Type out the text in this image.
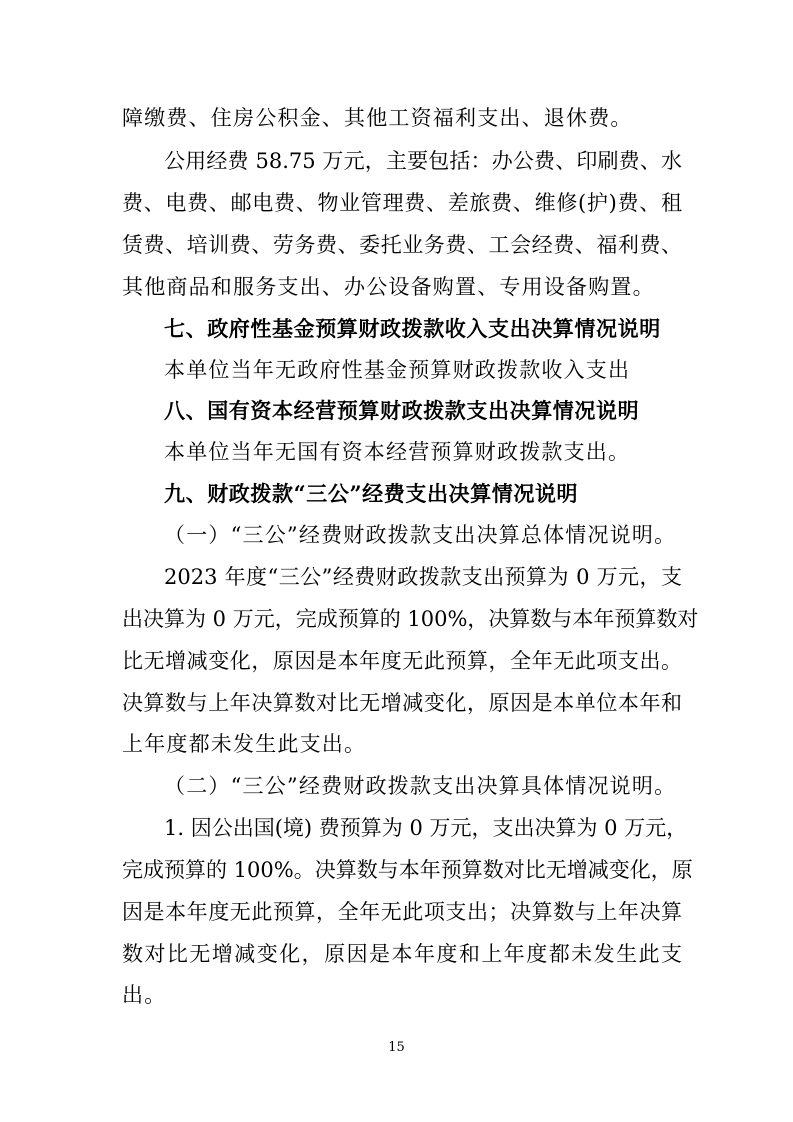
障缴费、住房公积金、其他工资福利支出、退休费。
公用经费 58.75 万元，主要包括：办公费、印刷费、水
费、电费、邮电费、物业管理费、差旅费、维修(护)费、租
赁费、培训费、劳务费、委托业务费、工会经费、福利费、
其他商品和服务支出、办公设备购置、专用设备购置。
七、政府性基金预算财政拨款收入支出决算情况说明
本单位当年无政府性基金预算财政拨款收入支出
八、国有资本经营预算财政拨款支出决算情况说明
本单位当年无国有资本经营预算财政拨款支出。
九、财政拨款“三公”经费支出决算情况说明
（一）“三公”经费财政拨款支出决算总体情况说明。
2023 年度“三公”经费财政拨款支出预算为 0 万元，支
出决算为 0 万元，完成预算的 100%，决算数与本年预算数对
比无增减变化，原因是本年度无此预算，全年无此项支出。
决算数与上年决算数对比无增减变化，原因是本单位本年和
上年度都未发生此支出。
（二）“三公”经费财政拨款支出决算具体情况说明。
1. 因公出国(境) 费预算为 0 万元，支出决算为 0 万元，
完成预算的 100%。决算数与本年预算数对比无增减变化，原
因是本年度无此预算，全年无此项支出；决算数与上年决算
数对比无增减变化，原因是本年度和上年度都未发生此支
出。
15
